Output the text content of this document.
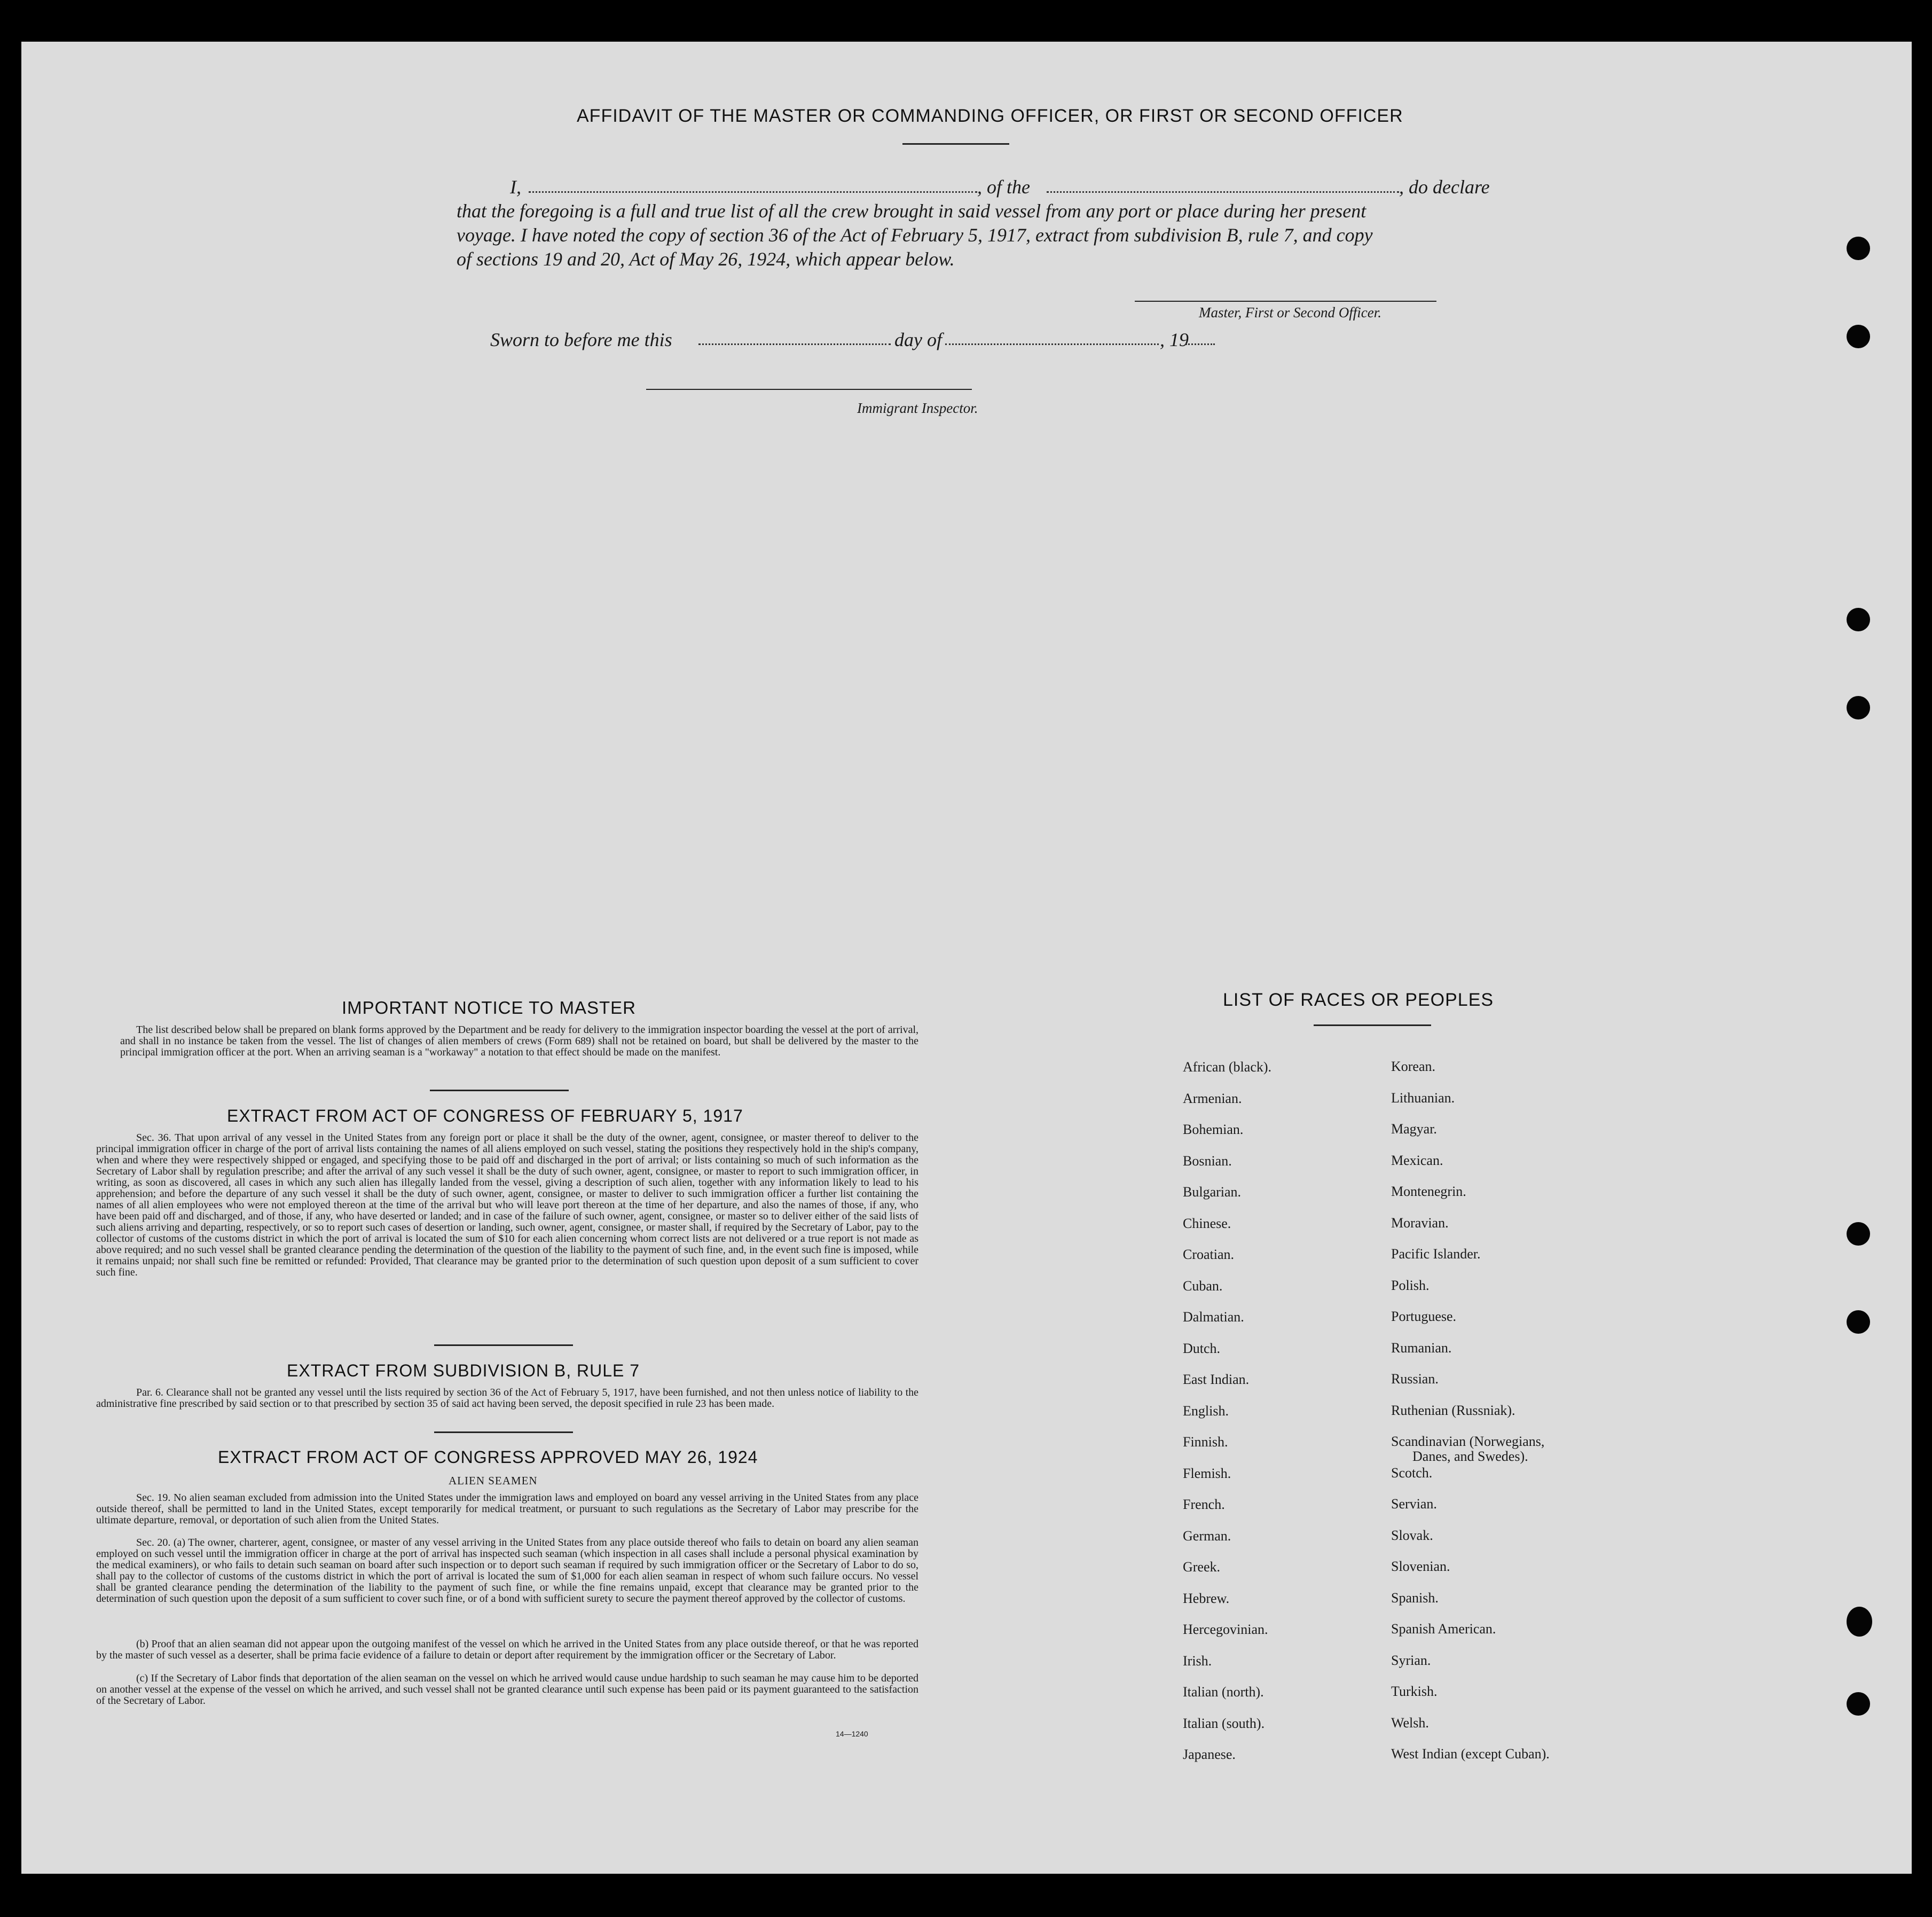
AFFIDAVIT OF THE MASTER OR COMMANDING OFFICER, OR FIRST OR SECOND OFFICER
I,	, of the	, do declare
that the foregoing is a full and true list of all the crew brought in said vessel from any port or place during her present
voyage. I have noted the copy of section 36 of the Act of February 5, 1917, extract from subdivision B, rule 7, and copy
of sections 19 and 20, Act of May 26, 1924, which appear below.
Master, First or Second Officer.
Sworn to before me this	day of	, 19
Immigrant Inspector.
IMPORTANT NOTICE TO MASTER
The list described below shall be prepared on blank forms approved by the Department and be ready for delivery to the immigration inspector boarding the vessel at the port of arrival, and shall in no instance be taken from the vessel. The list of changes of alien members of crews (Form 689) shall not be retained on board, but shall be delivered by the master to the principal immigration officer at the port. When an arriving seaman is a "workaway" a notation to that effect should be made on the manifest.
EXTRACT FROM ACT OF CONGRESS OF FEBRUARY 5, 1917
Sec. 36. That upon arrival of any vessel in the United States from any foreign port or place it shall be the duty of the owner, agent, consignee, or master thereof to deliver to the principal immigration officer in charge of the port of arrival lists containing the names of all aliens employed on such vessel, stating the positions they respectively hold in the ship's company, when and where they were respectively shipped or engaged, and specifying those to be paid off and discharged in the port of arrival; or lists containing so much of such information as the Secretary of Labor shall by regulation prescribe; and after the arrival of any such vessel it shall be the duty of such owner, agent, consignee, or master to report to such immigration officer, in writing, as soon as discovered, all cases in which any such alien has illegally landed from the vessel, giving a description of such alien, together with any information likely to lead to his apprehension; and before the departure of any such vessel it shall be the duty of such owner, agent, consignee, or master to deliver to such immigration officer a further list containing the names of all alien employees who were not employed thereon at the time of the arrival but who will leave port thereon at the time of her departure, and also the names of those, if any, who have been paid off and discharged, and of those, if any, who have deserted or landed; and in case of the failure of such owner, agent, consignee, or master so to deliver either of the said lists of such aliens arriving and departing, respectively, or so to report such cases of desertion or landing, such owner, agent, consignee, or master shall, if required by the Secretary of Labor, pay to the collector of customs of the customs district in which the port of arrival is located the sum of $10 for each alien concerning whom correct lists are not delivered or a true report is not made as above required; and no such vessel shall be granted clearance pending the determination of the question of the liability to the payment of such fine, and, in the event such fine is imposed, while it remains unpaid; nor shall such fine be remitted or refunded: Provided, That clearance may be granted prior to the determination of such question upon deposit of a sum sufficient to cover such fine.
EXTRACT FROM SUBDIVISION B, RULE 7
Par. 6. Clearance shall not be granted any vessel until the lists required by section 36 of the Act of February 5, 1917, have been furnished, and not then unless notice of liability to the administrative fine prescribed by said section or to that prescribed by section 35 of said act having been served, the deposit specified in rule 23 has been made.
EXTRACT FROM ACT OF CONGRESS APPROVED MAY 26, 1924
ALIEN SEAMEN
Sec. 19. No alien seaman excluded from admission into the United States under the immigration laws and employed on board any vessel arriving in the United States from any place outside thereof, shall be permitted to land in the United States, except temporarily for medical treatment, or pursuant to such regulations as the Secretary of Labor may prescribe for the ultimate departure, removal, or deportation of such alien from the United States.
Sec. 20. (a) The owner, charterer, agent, consignee, or master of any vessel arriving in the United States from any place outside thereof who fails to detain on board any alien seaman employed on such vessel until the immigration officer in charge at the port of arrival has inspected such seaman (which inspection in all cases shall include a personal physical examination by the medical examiners), or who fails to detain such seaman on board after such inspection or to deport such seaman if required by such immigration officer or the Secretary of Labor to do so, shall pay to the collector of customs of the customs district in which the port of arrival is located the sum of $1,000 for each alien seaman in respect of whom such failure occurs. No vessel shall be granted clearance pending the determination of the liability to the payment of such fine, or while the fine remains unpaid, except that clearance may be granted prior to the determination of such question upon the deposit of a sum sufficient to cover such fine, or of a bond with sufficient surety to secure the payment thereof approved by the collector of customs.
(b) Proof that an alien seaman did not appear upon the outgoing manifest of the vessel on which he arrived in the United States from any place outside thereof, or that he was reported by the master of such vessel as a deserter, shall be prima facie evidence of a failure to detain or deport after requirement by the immigration officer or the Secretary of Labor.
(c) If the Secretary of Labor finds that deportation of the alien seaman on the vessel on which he arrived would cause undue hardship to such seaman he may cause him to be deported on another vessel at the expense of the vessel on which he arrived, and such vessel shall not be granted clearance until such expense has been paid or its payment guaranteed to the satisfaction of the Secretary of Labor.
14—1240
LIST OF RACES OR PEOPLES
African (black).	Korean.
Armenian.	Lithuanian.
Bohemian.	Magyar.
Bosnian.	Mexican.
Bulgarian.	Montenegrin.
Chinese.	Moravian.
Croatian.	Pacific Islander.
Cuban.	Polish.
Dalmatian.	Portuguese.
Dutch.	Rumanian.
East Indian.	Russian.
English.	Ruthenian (Russniak).
Finnish.	Scandinavian (Norwegians,
Danes, and Swedes).
Flemish.	Scotch.
French.	Servian.
German.	Slovak.
Greek.	Slovenian.
Hebrew.	Spanish.
Hercegovinian.	Spanish American.
Irish.	Syrian.
Italian (north).	Turkish.
Italian (south).	Welsh.
Japanese.	West Indian (except Cuban).
